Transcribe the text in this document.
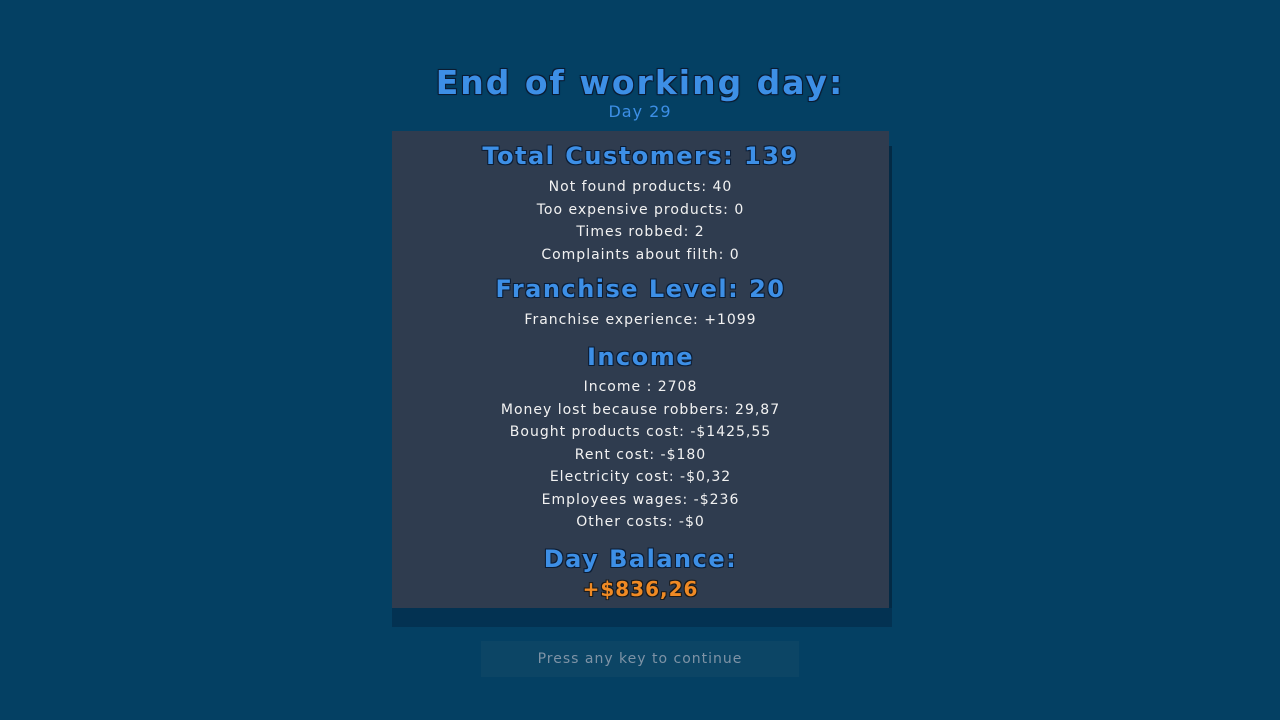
End of working day:
Day 29
Total Customers: 139
Not found products: 40
Too expensive products: 0
Times robbed: 2
Complaints about filth: 0
Franchise Level: 20
Franchise experience: +1099
Income
Income : 2708
Money lost because robbers: 29,87
Bought products cost: -$1425,55
Rent cost: -$180
Electricity cost: -$0,32
Employees wages: -$236
Other costs: -$0
Day Balance:
+$836,26
Press any key to continue
